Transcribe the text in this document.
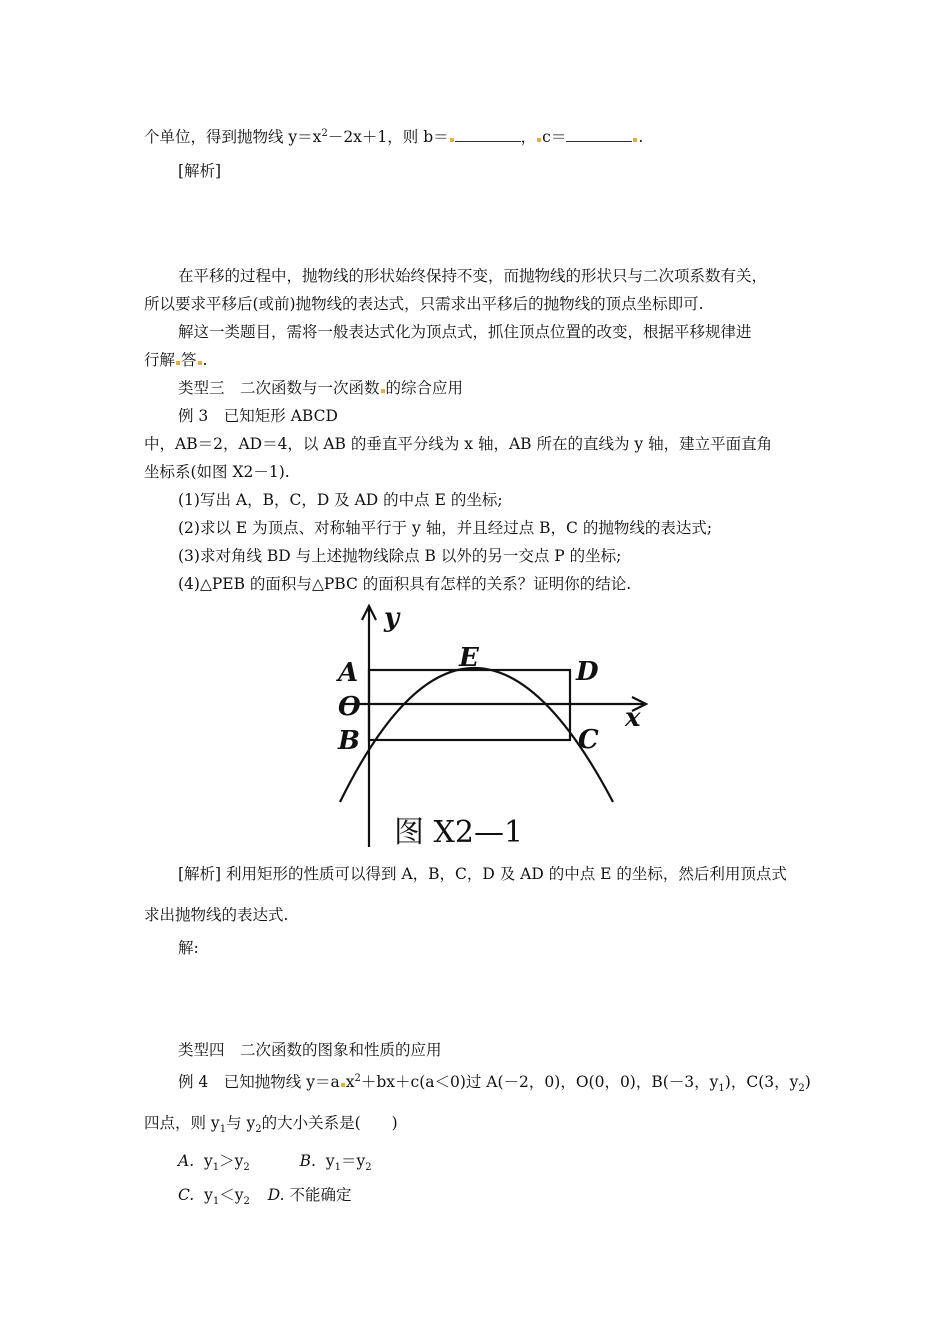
个单位，得到抛物线 $y=x^2-2x+1$，则 b＝	， c＝	.
[解析]
在平移的过程中，抛物线的形状始终保持不变，而抛物线的形状只与二次项系数有关，
所以要求平移后(或前)抛物线的表达式，只需求出平移后的抛物线的顶点坐标即可.
解这一类题目，需将一般表达式化为顶点式，抓住顶点位置的改变，根据平移规律进
行解 答 .
类型三　二次函数与一次函数 的综合应用
例 3　已知矩形 ABCD
中，AB＝2，AD＝4，以 AB 的垂直平分线为 x 轴，AB 所在的直线为 y 轴，建立平面直角
坐标系(如图 X2－1).
(1)写出 A，B，C，D 及 AD 的中点 E 的坐标;
(2)求以 E 为顶点、对称轴平行于 y 轴，并且经过点 B，C 的抛物线的表达式;
(3)求对角线 BD 与上述抛物线除点 B 以外的另一交点 P 的坐标;
(4)△PEB 的面积与△PBC 的面积具有怎样的关系？证明你的结论.
y
A	E	D
O	x
B	C
图 X2—1
[解析] 利用矩形的性质可以得到 A，B，C，D 及 AD 的中点 E 的坐标，然后利用顶点式
求出抛物线的表达式.
解:
类型四　二次函数的图象和性质的应用
例 4　已知抛物线 y＝a $x^2+bx+c(a<0)$过 A(－2，0)，O(0，0)，B(－3，$y_1$)，C(3，$y_2$)
四点，则 $y_1$与 $y_2$的大小关系是(　　)
A. $y_1>y_2$	B. $y_1=y_2$
C. $y_1<y_2$ D. 不能确定
